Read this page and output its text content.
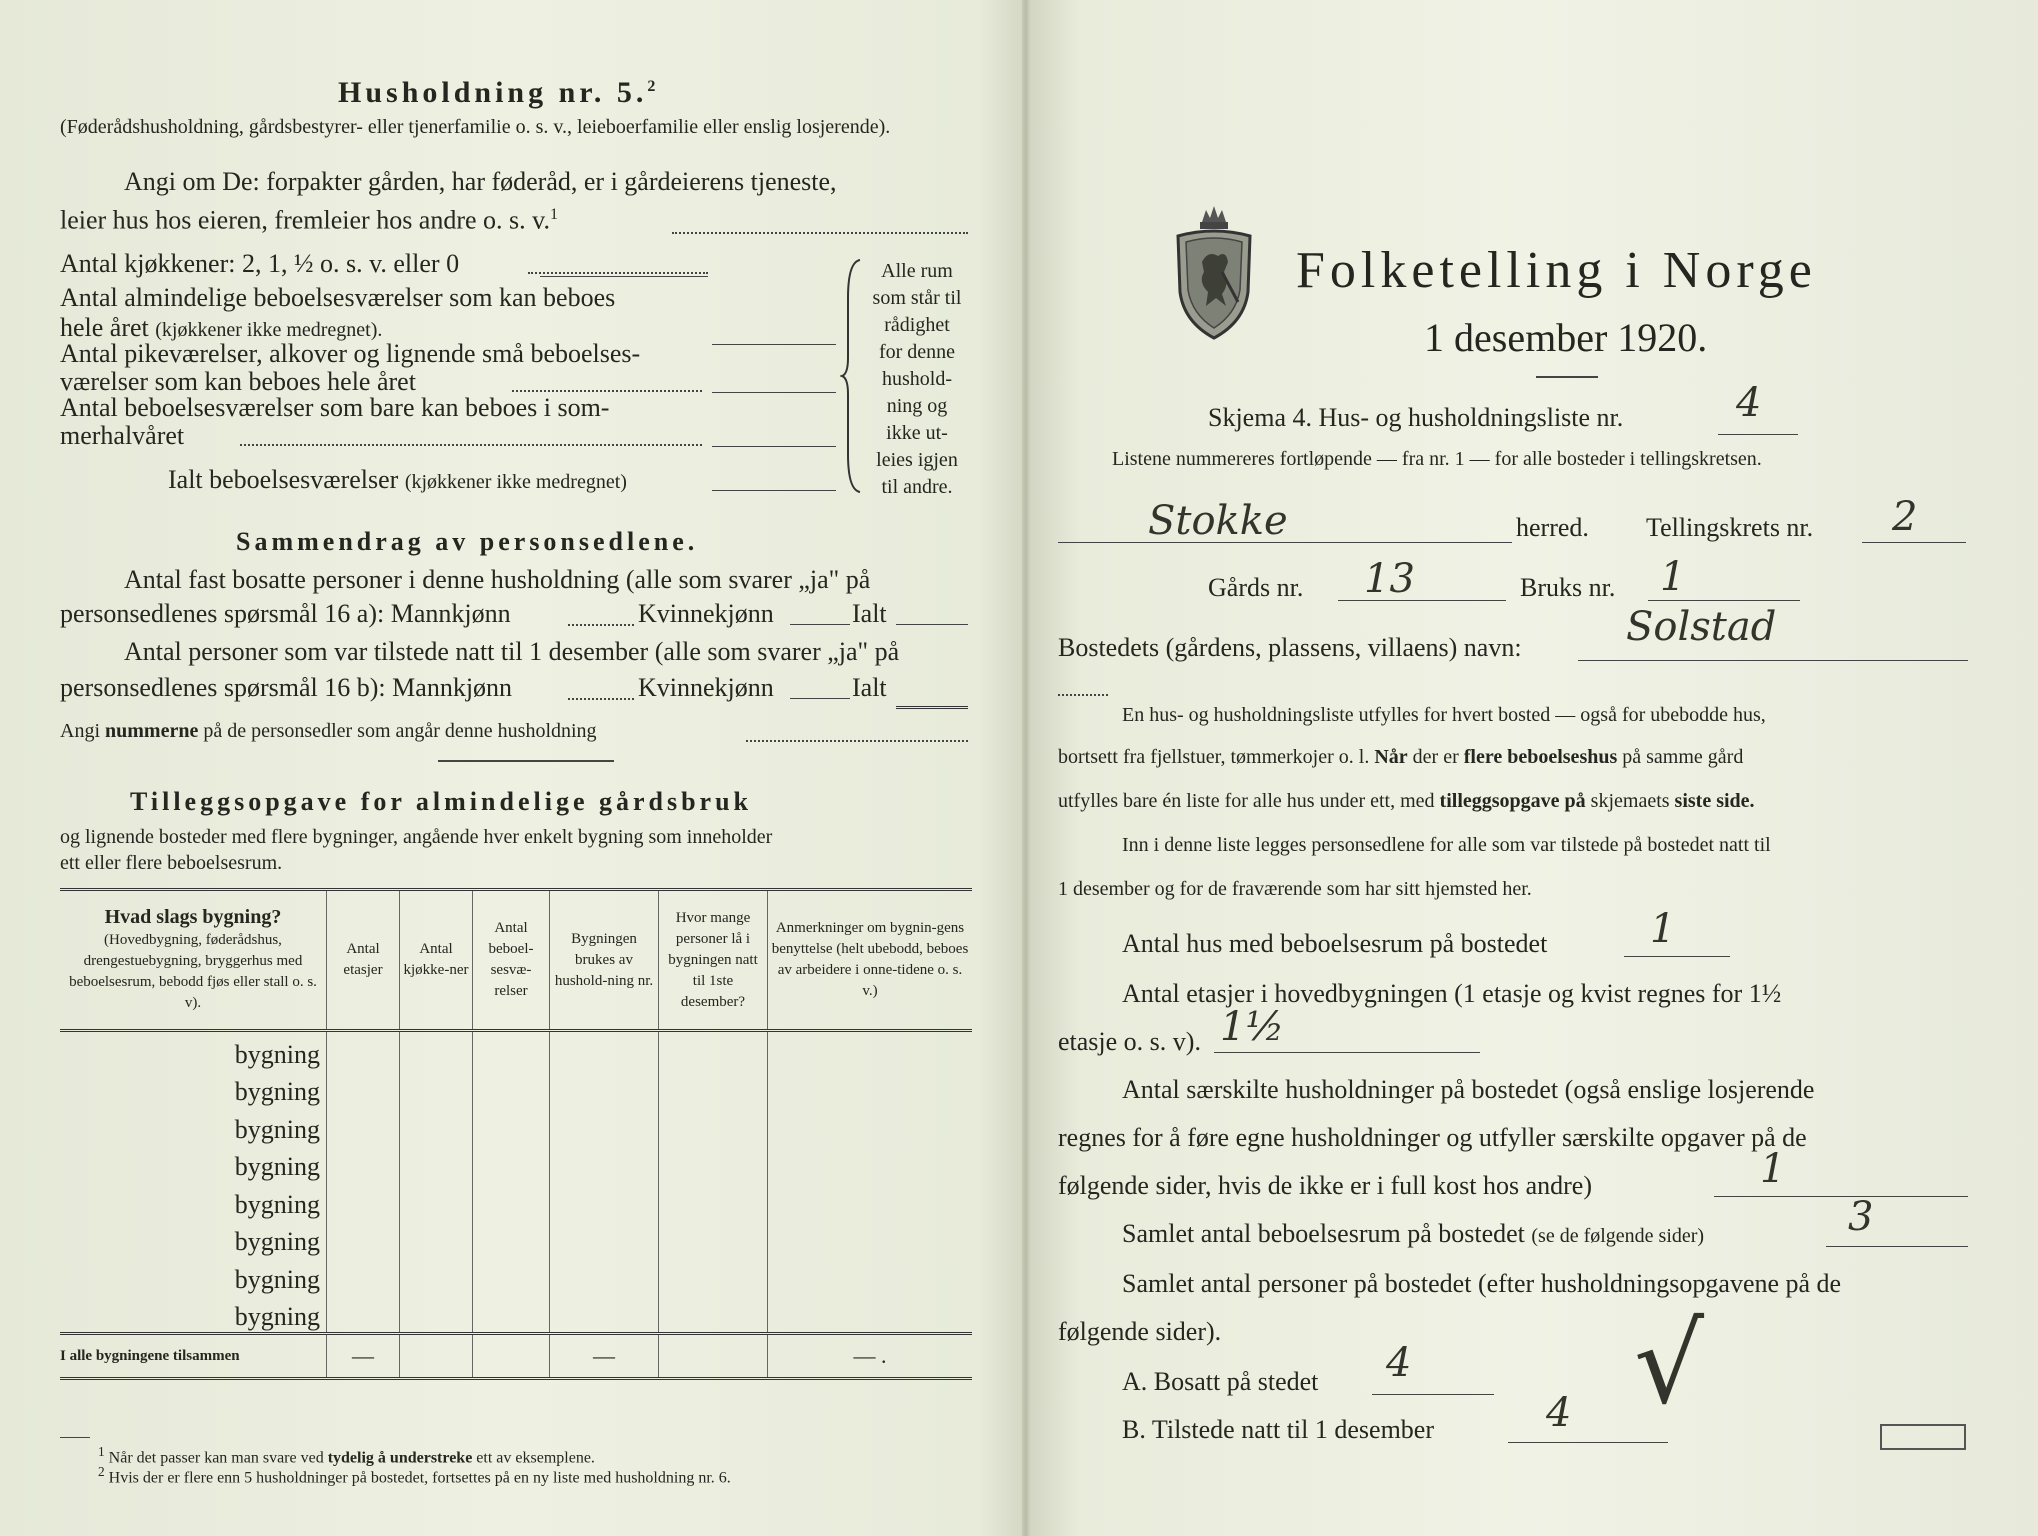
Husholdning nr. 5.$^2$
(Føderådshusholdning, gårdsbestyrer- eller tjenerfamilie o. s. v., leieboerfamilie eller enslig losjerende).
Angi om De: forpakter gården, har føderåd, er i gårdeierens tjeneste,
leier hus hos eieren, fremleier hos andre o. s. v.$^1$
Antal kjøkkener: 2, 1, ½ o. s. v. eller 0
Antal almindelige beboelsesværelser som kan beboes
hele året (kjøkkener ikke medregnet).
Antal pikeværelser, alkover og lignende små beboelses-
værelser som kan beboes hele året
Antal beboelsesværelser som bare kan beboes i som-
merhalvåret
Ialt beboelsesværelser (kjøkkener ikke medregnet)
Alle rum
som står til
rådighet
for denne
hushold-
ning og
ikke ut-
leies igjen
til andre.
Sammendrag av personsedlene.
Antal fast bosatte personer i denne husholdning (alle som svarer „ja" på
personsedlenes spørsmål 16 a): Mannkjønn	Kvinnekjønn	Ialt
Antal personer som var tilstede natt til 1 desember (alle som svarer „ja" på
personsedlenes spørsmål 16 b): Mannkjønn	Kvinnekjønn	Ialt
Angi nummerne på de personsedler som angår denne husholdning
Tilleggsopgave for almindelige gårdsbruk
og lignende bosteder med flere bygninger, angående hver enkelt bygning som inneholder
ett eller flere beboelsesrum.
Hvad slags bygning?
(Hovedbygning, føderådshus, drengestuebygning, bryggerhus med beboelsesrum, bebodd fjøs eller stall o. s. v).	Antal etasjer	Antal kjøkke-ner	Antal beboel-sesvæ-relser	Bygningen brukes av hushold-ning nr.	Hvor mange personer lå i bygningen natt til 1ste desember?	Anmerkninger om bygnin-gens benyttelse (helt ubebodd, beboes av arbeidere i onne-tidene o. s. v.)
bygning						
bygning						
bygning						
bygning						
bygning						
bygning						
bygning						
bygning						
I alle bygningene tilsammen	—			—		— .
$^1$ Når det passer kan man svare ved tydelig å understreke ett av eksemplene.
$^2$ Hvis der er flere enn 5 husholdninger på bostedet, fortsettes på en ny liste med husholdning nr. 6.
Folketelling i Norge
1 desember 1920.
Skjema 4. Hus- og husholdningsliste nr.	4
Listene nummereres fortløpende — fra nr. 1 — for alle bosteder i tellingskretsen.
Stokke	herred. Tellingskrets nr. 2
Gårds nr. 13	Bruks nr. 1
Bostedets (gårdens, plassens, villaens) navn:	Solstad
En hus- og husholdningsliste utfylles for hvert bosted — også for ubebodde hus,
bortsett fra fjellstuer, tømmerkojer o. l. Når der er flere beboelseshus på samme gård
utfylles bare én liste for alle hus under ett, med tilleggsopgave på skjemaets siste side.
Inn i denne liste legges personsedlene for alle som var tilstede på bostedet natt til
1 desember og for de fraværende som har sitt hjemsted her.
Antal hus med beboelsesrum på bostedet	1
Antal etasjer i hovedbygningen (1 etasje og kvist regnes for 1½
etasje o. s. v). 1½
Antal særskilte husholdninger på bostedet (også enslige losjerende
regnes for å føre egne husholdninger og utfyller særskilte opgaver på de
følgende sider, hvis de ikke er i full kost hos andre)	1
Samlet antal beboelsesrum på bostedet (se de følgende sider)	3
Samlet antal personer på bostedet (efter husholdningsopgavene på de
følgende sider).
A. Bosatt på stedet 4
B. Tilstede natt til 1 desember	4 √
